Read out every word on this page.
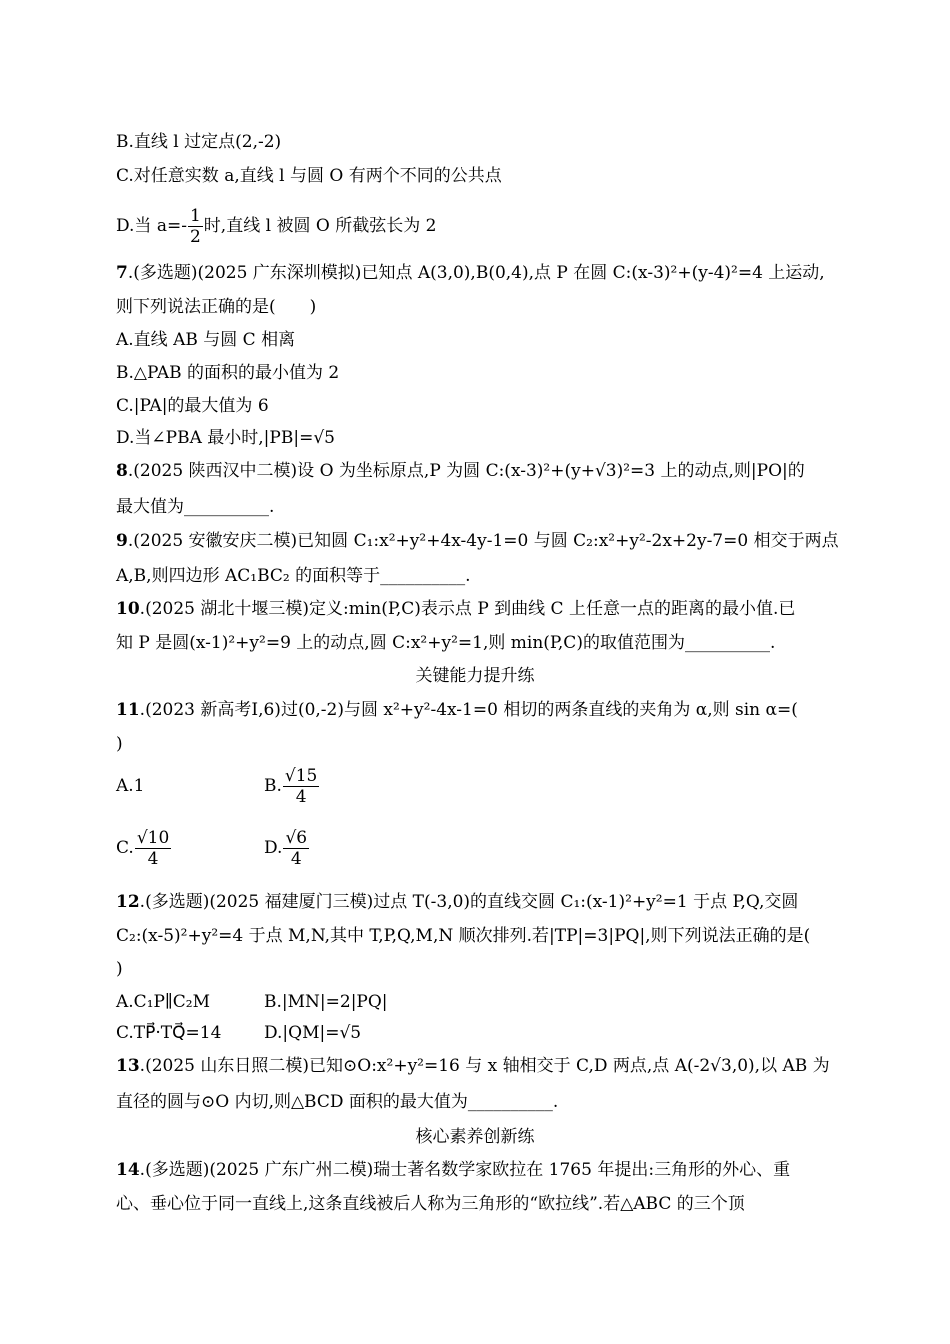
B.直线 l 过定点(2,-2)
C.对任意实数 a,直线 l 与圆 O 有两个不同的公共点
D.当 $a=- \frac{1}{2}$ 时,直线 l 被圆 O 所截弦长为 2
7.(多选题)(2025 广东深圳模拟)已知点 A(3,0),B(0,4),点 P 在圆 C:(x-3)²+(y-4)²=4 上运动,
则下列说法正确的是(　　)
A.直线 AB 与圆 C 相离
B.△PAB 的面积的最小值为 2
C.|PA|的最大值为 6
D.当∠PBA 最小时,|PB|=√5
8.(2025 陕西汉中二模)设 O 为坐标原点,P 为圆 C:(x-3)²+(y+√3)²=3 上的动点,则|PO|的
最大值为__________.
9.(2025 安徽安庆二模)已知圆 C₁:x²+y²+4x-4y-1=0 与圆 C₂:x²+y²-2x+2y-7=0 相交于两点
A,B,则四边形 AC₁BC₂ 的面积等于__________.
10.(2025 湖北十堰三模)定义:min(P,C)表示点 P 到曲线 C 上任意一点的距离的最小值.已
知 P 是圆(x-1)²+y²=9 上的动点,圆 C:x²+y²=1,则 min(P,C)的取值范围为__________.
关键能力提升练
11.(2023 新高考Ⅰ,6)过(0,-2)与圆 x²+y²-4x-1=0 相切的两条直线的夹角为 α,则 sin α=(
)
A.1	B. $\frac{√15}{4}$
C. $\frac{√10}{4}$	D. $\frac{√6}{4}$
12.(多选题)(2025 福建厦门三模)过点 T(-3,0)的直线交圆 C₁:(x-1)²+y²=1 于点 P,Q,交圆
C₂:(x-5)²+y²=4 于点 M,N,其中 T,P,Q,M,N 顺次排列.若|TP|=3|PQ|,则下列说法正确的是(
)
A.C₁P∥C₂M	B.|MN|=2|PQ|
C.TP⃗·TQ⃗=14	D.|QM|=√5
13.(2025 山东日照二模)已知⊙O:x²+y²=16 与 x 轴相交于 C,D 两点,点 A(-2√3,0),以 AB 为
直径的圆与⊙O 内切,则△BCD 面积的最大值为__________.
核心素养创新练
14.(多选题)(2025 广东广州二模)瑞士著名数学家欧拉在 1765 年提出:三角形的外心、重
心、垂心位于同一直线上,这条直线被后人称为三角形的“欧拉线”.若△ABC 的三个顶
